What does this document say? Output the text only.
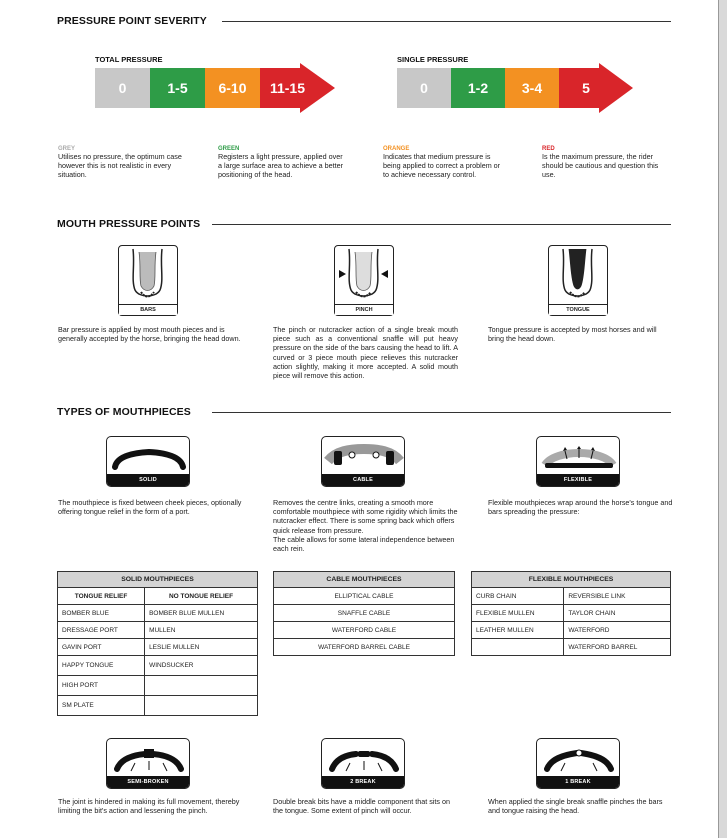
PRESSURE POINT SEVERITY
TOTAL PRESSURE	SINGLE PRESSURE
0	1-5	6-10	11-15	0	1-2	3-4	5
GREY
Utilises no pressure, the optimum case however this is not realistic in every situation.
GREEN
Registers a light pressure, applied over a large surface area to achieve a better positioning of the head.
ORANGE
Indicates that medium pressure is being applied to correct a problem or to achieve necessary control.
RED
Is the maximum pressure, the rider should be cautious and question this use.
MOUTH PRESSURE POINTS
BARS	PINCH	TONGUE
Bar pressure is applied by most mouth pieces and is generally accepted by the horse, bringing the head down.
The pinch or nutcracker action of a single break mouth piece such as a conventional snaffle will put heavy pressure on the side of the bars causing the head to lift. A curved or 3 piece mouth piece relieves this nutcracker action slightly, making it more accepted. A solid mouth piece will remove this action.
Tongue pressure is accepted by most horses and will bring the head down.
TYPES OF MOUTHPIECES
SOLID	CABLE	FLEXIBLE
The mouthpiece is fixed between cheek pieces, optionally offering tongue relief in the form of a port.
Removes the centre links, creating a smooth more comfortable mouthpiece with some rigidity which limits the nutcracker effect. There is some spring back which offers quick release from pressure.
The cable allows for some lateral independence between each rein.
Flexible mouthpieces wrap around the horse's tongue and bars spreading the pressure:
SOLID MOUTHPIECES	
TONGUE RELIEF	NO TONGUE RELIEF
BOMBER BLUE	BOMBER BLUE MULLEN
DRESSAGE PORT	MULLEN
GAVIN PORT	LESLIE MULLEN
HAPPY TONGUE	WINDSUCKER
HIGH PORT	
SM PLATE	
CABLE MOUTHPIECES
ELLIPTICAL CABLE
SNAFFLE CABLE
WATERFORD CABLE
WATERFORD BARREL CABLE
FLEXIBLE MOUTHPIECES	
CURB CHAIN	REVERSIBLE LINK
FLEXIBLE MULLEN	TAYLOR CHAIN
LEATHER MULLEN	WATERFORD
	WATERFORD BARREL
SEMI-BROKEN	2 BREAK	1 BREAK
The joint is hindered in making its full movement, thereby limiting the bit's action and lessening the pinch.
Double break bits have a middle component that sits on the tongue. Some extent of pinch will occur.
When applied the single break snaffle pinches the bars and tongue raising the head.
